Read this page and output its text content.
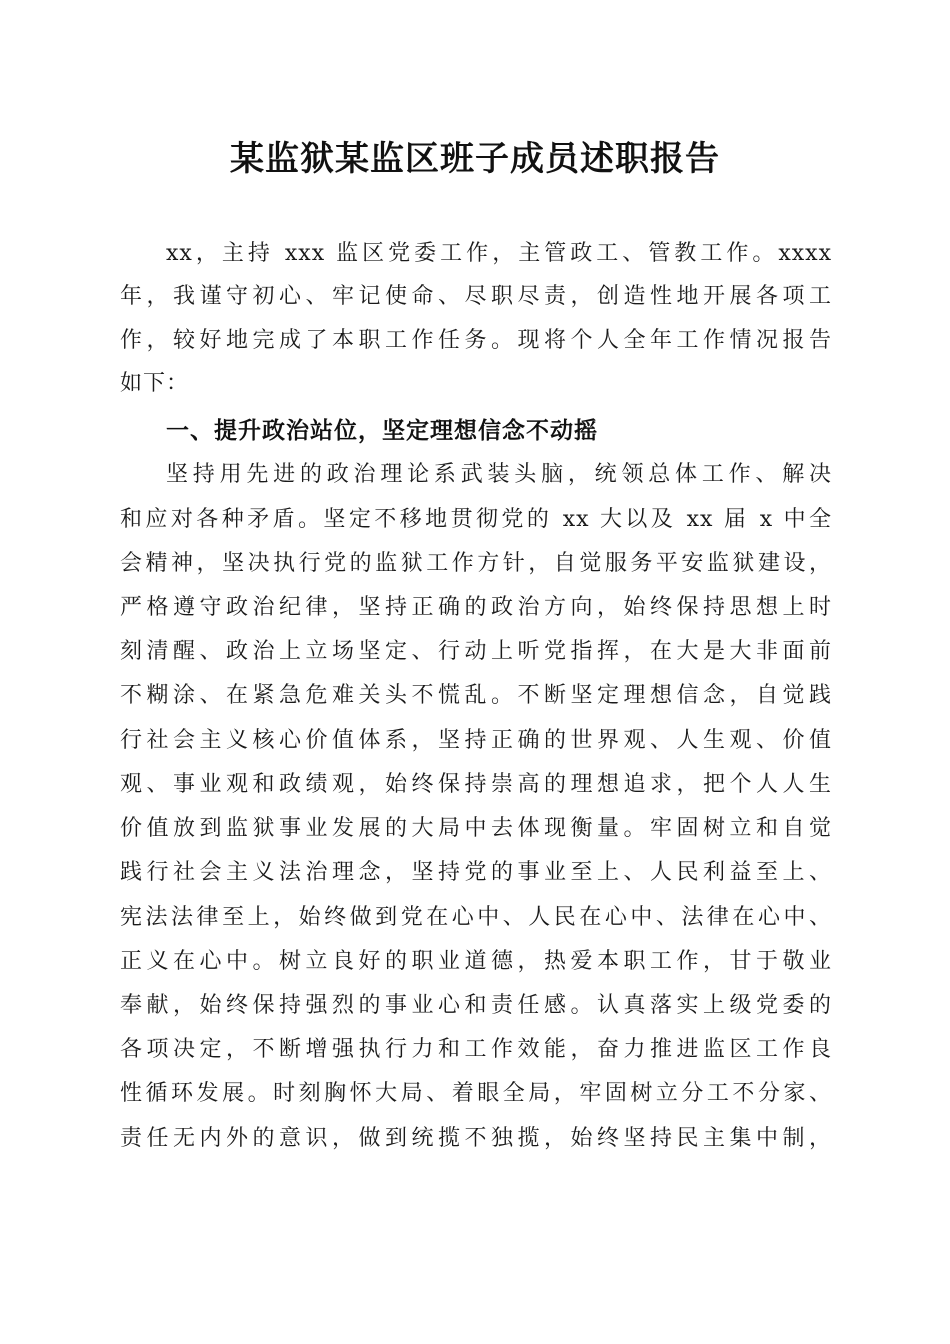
某监狱某监区班子成员述职报告
xx，主持 xxx 监区党委工作，主管政工、管教工作。xxxx
年，我谨守初心、牢记使命、尽职尽责，创造性地开展各项工
作，较好地完成了本职工作任务。现将个人全年工作情况报告
如下：
一、提升政治站位，坚定理想信念不动摇
坚持用先进的政治理论系武装头脑，统领总体工作、解决
和应对各种矛盾。坚定不移地贯彻党的 xx 大以及 xx 届 x 中全
会精神，坚决执行党的监狱工作方针，自觉服务平安监狱建设，
严格遵守政治纪律，坚持正确的政治方向，始终保持思想上时
刻清醒、政治上立场坚定、行动上听党指挥，在大是大非面前
不糊涂、在紧急危难关头不慌乱。不断坚定理想信念，自觉践
行社会主义核心价值体系，坚持正确的世界观、人生观、价值
观、事业观和政绩观，始终保持崇高的理想追求，把个人人生
价值放到监狱事业发展的大局中去体现衡量。牢固树立和自觉
践行社会主义法治理念，坚持党的事业至上、人民利益至上、
宪法法律至上，始终做到党在心中、人民在心中、法律在心中、
正义在心中。树立良好的职业道德，热爱本职工作，甘于敬业
奉献，始终保持强烈的事业心和责任感。认真落实上级党委的
各项决定，不断增强执行力和工作效能，奋力推进监区工作良
性循环发展。时刻胸怀大局、着眼全局，牢固树立分工不分家、
责任无内外的意识，做到统揽不独揽，始终坚持民主集中制，
